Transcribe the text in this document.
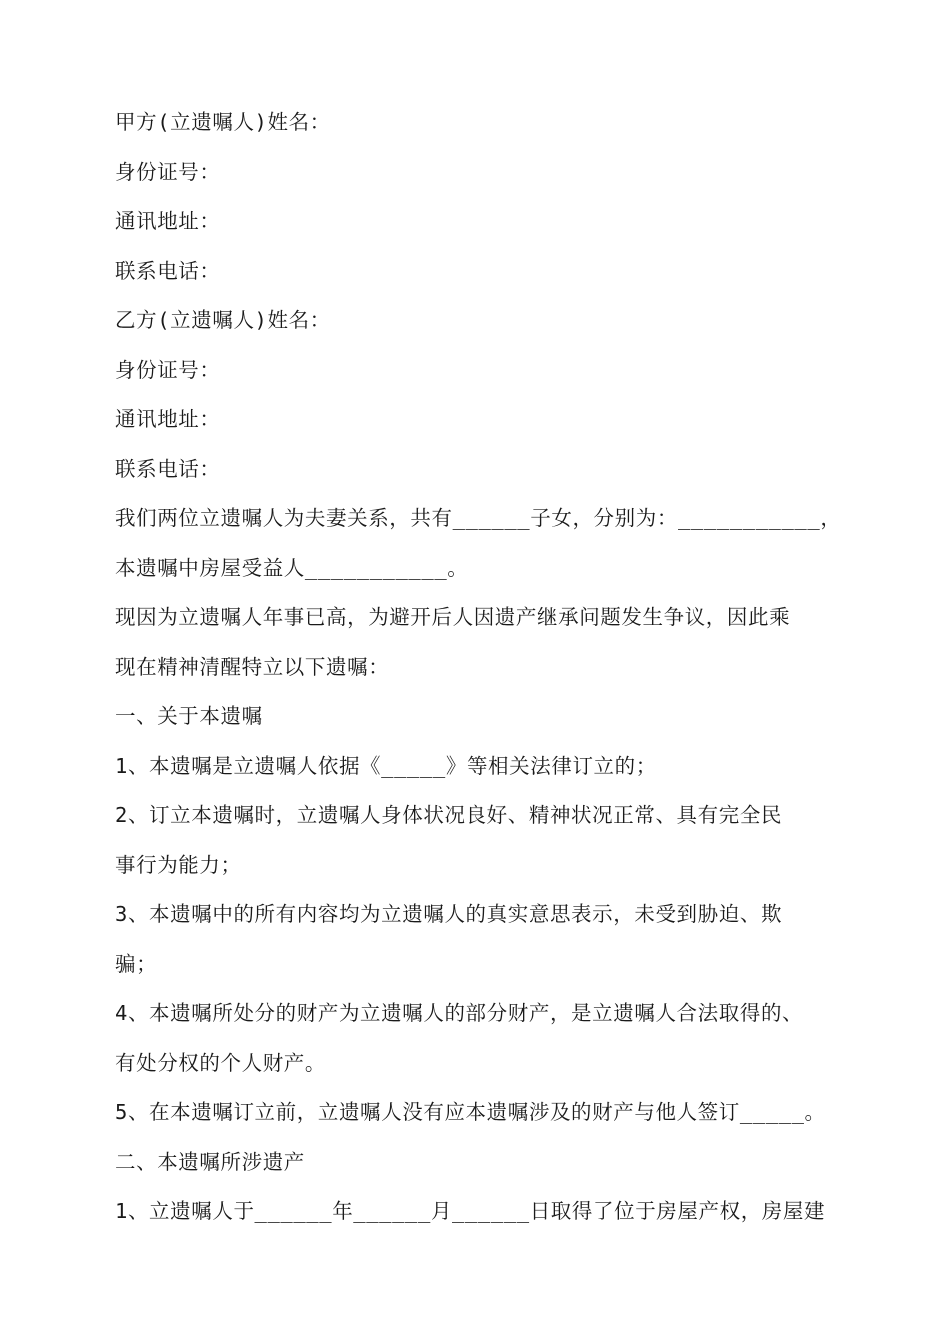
甲方(立遗嘱人)姓名：
身份证号：
通讯地址：
联系电话：
乙方(立遗嘱人)姓名：
身份证号：
通讯地址：
联系电话：
我们两位立遗嘱人为夫妻关系，共有______子女，分别为：___________，
本遗嘱中房屋受益人___________。
现因为立遗嘱人年事已高，为避开后人因遗产继承问题发生争议，因此乘
现在精神清醒特立以下遗嘱：
一、关于本遗嘱
1、本遗嘱是立遗嘱人依据《_____》等相关法律订立的；
2、订立本遗嘱时，立遗嘱人身体状况良好、精神状况正常、具有完全民
事行为能力；
3、本遗嘱中的所有内容均为立遗嘱人的真实意思表示，未受到胁迫、欺
骗；
4、本遗嘱所处分的财产为立遗嘱人的部分财产，是立遗嘱人合法取得的、
有处分权的个人财产。
5、在本遗嘱订立前，立遗嘱人没有应本遗嘱涉及的财产与他人签订_____。
二、本遗嘱所涉遗产
1、立遗嘱人于______年______月______日取得了位于房屋产权，房屋建
